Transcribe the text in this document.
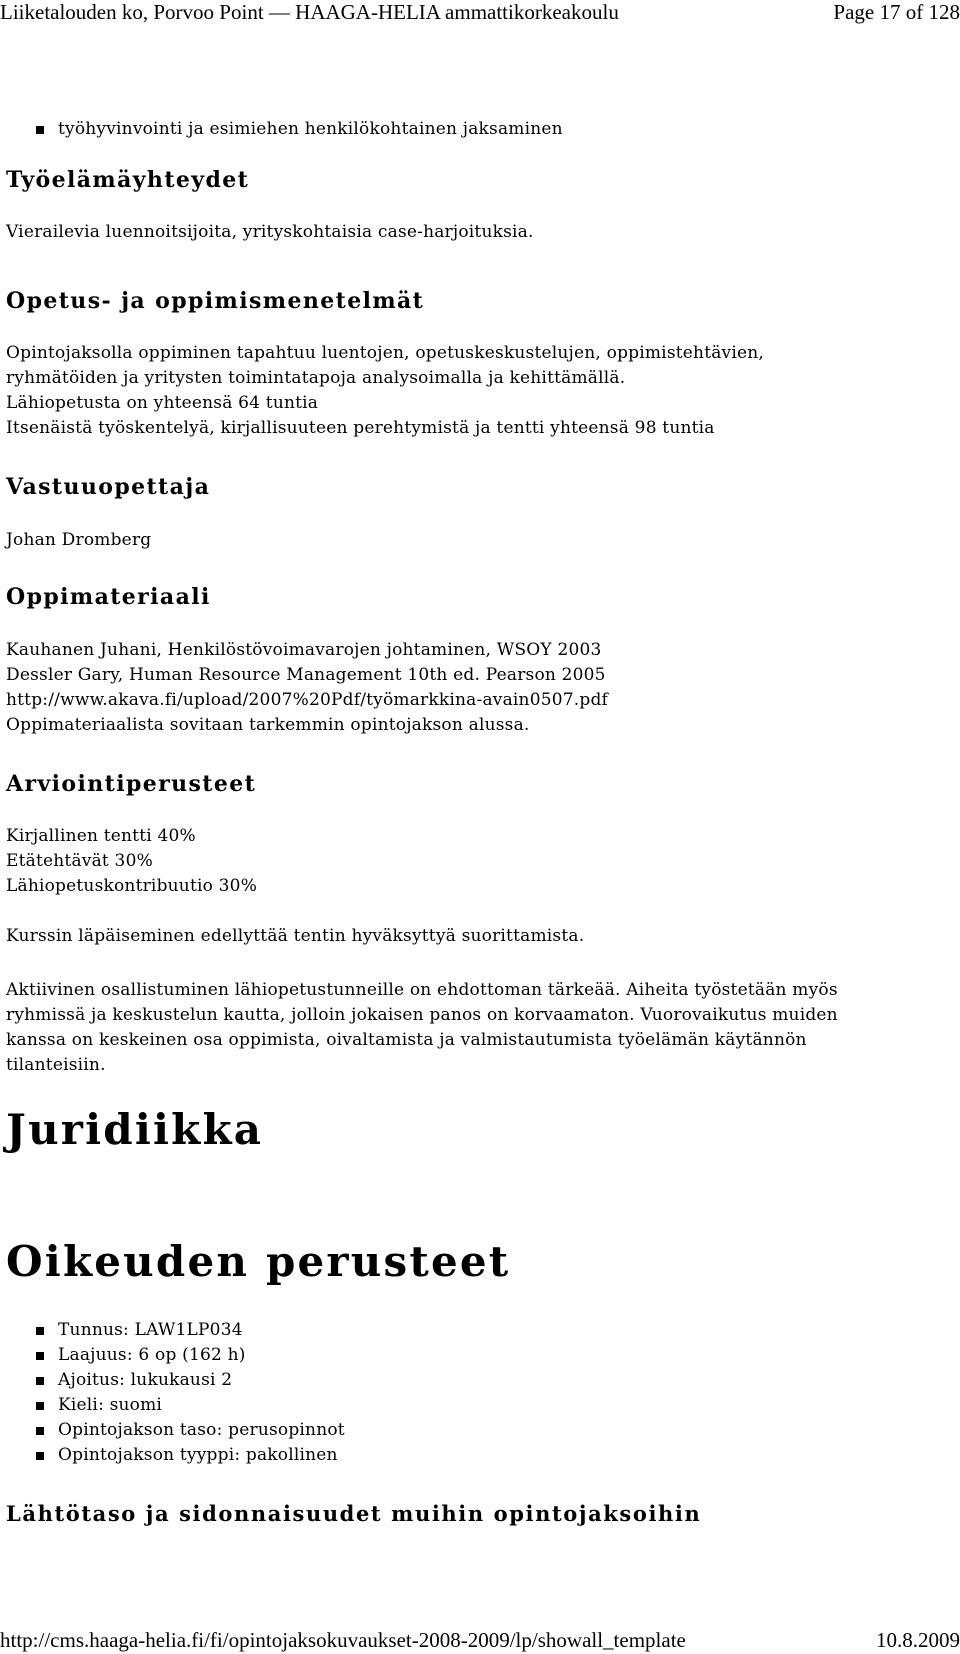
Liiketalouden ko, Porvoo Point — HAAGA-HELIA ammattikorkeakoulu	Page 17 of 128
työhyvinvointi ja esimiehen henkilökohtainen jaksaminen
Työelämäyhteydet
Vierailevia luennoitsijoita, yrityskohtaisia case-harjoituksia.
Opetus- ja oppimismenetelmät
Opintojaksolla oppiminen tapahtuu luentojen, opetuskeskustelujen, oppimistehtävien,
ryhmätöiden ja yritysten toimintatapoja analysoimalla ja kehittämällä.
Lähiopetusta on yhteensä 64 tuntia
Itsenäistä työskentelyä, kirjallisuuteen perehtymistä ja tentti yhteensä 98 tuntia
Vastuuopettaja
Johan Dromberg
Oppimateriaali
Kauhanen Juhani, Henkilöstövoimavarojen johtaminen, WSOY 2003
Dessler Gary, Human Resource Management 10th ed. Pearson 2005
http://www.akava.fi/upload/2007%20Pdf/työmarkkina-avain0507.pdf
Oppimateriaalista sovitaan tarkemmin opintojakson alussa.
Arviointiperusteet
Kirjallinen tentti 40%
Etätehtävät 30%
Lähiopetuskontribuutio 30%
Kurssin läpäiseminen edellyttää tentin hyväksyttyä suorittamista.
Aktiivinen osallistuminen lähiopetustunneille on ehdottoman tärkeää. Aiheita työstetään myös
ryhmissä ja keskustelun kautta, jolloin jokaisen panos on korvaamaton. Vuorovaikutus muiden
kanssa on keskeinen osa oppimista, oivaltamista ja valmistautumista työelämän käytännön
tilanteisiin.
Juridiikka
Oikeuden perusteet
Tunnus: LAW1LP034
Laajuus: 6 op (162 h)
Ajoitus: lukukausi 2
Kieli: suomi
Opintojakson taso: perusopinnot
Opintojakson tyyppi: pakollinen
Lähtötaso ja sidonnaisuudet muihin opintojaksoihin
http://cms.haaga-helia.fi/fi/opintojaksokuvaukset-2008-2009/lp/showall_template	10.8.2009
